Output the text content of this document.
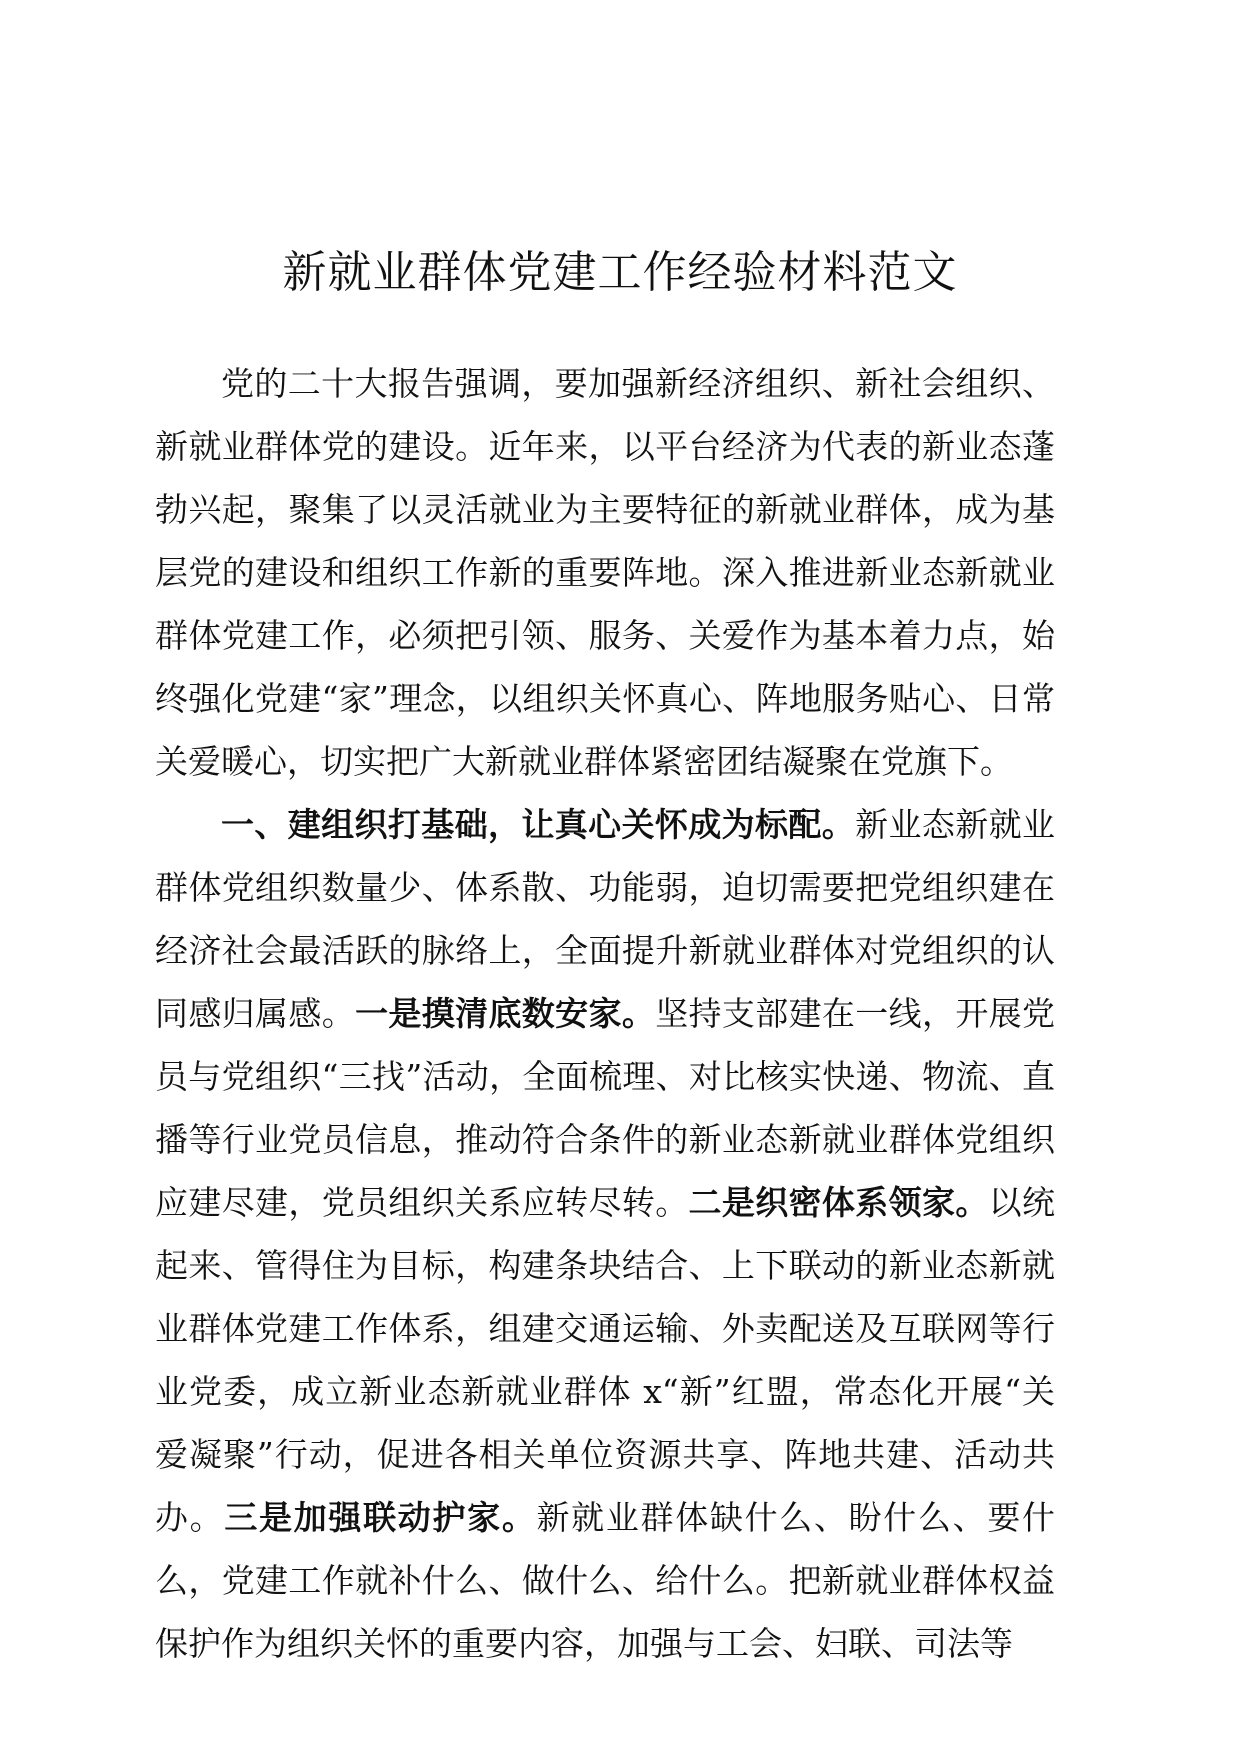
新就业群体党建工作经验材料范文

党的二十大报告强调，要加强新经济组织、新社会组织、新就业群体党的建设。近年来，以平台经济为代表的新业态蓬勃兴起，聚集了以灵活就业为主要特征的新就业群体，成为基层党的建设和组织工作新的重要阵地。深入推进新业态新就业群体党建工作，必须把引领、服务、关爱作为基本着力点，始终强化党建“家”理念，以组织关怀真心、阵地服务贴心、日常关爱暖心，切实把广大新就业群体紧密团结凝聚在党旗下。

一、建组织打基础，让真心关怀成为标配。新业态新就业群体党组织数量少、体系散、功能弱，迫切需要把党组织建在经济社会最活跃的脉络上，全面提升新就业群体对党组织的认同感归属感。一是摸清底数安家。坚持支部建在一线，开展党员与党组织“三找”活动，全面梳理、对比核实快递、物流、直播等行业党员信息，推动符合条件的新业态新就业群体党组织应建尽建，党员组织关系应转尽转。二是织密体系领家。以统起来、管得住为目标，构建条块结合、上下联动的新业态新就业群体党建工作体系，组建交通运输、外卖配送及互联网等行业党委，成立新业态新就业群体 x“新”红盟，常态化开展“关爱凝聚”行动，促进各相关单位资源共享、阵地共建、活动共办。三是加强联动护家。新就业群体缺什么、盼什么、要什么，党建工作就补什么、做什么、给什么。把新就业群体权益保护作为组织关怀的重要内容，加强与工会、妇联、司法等
